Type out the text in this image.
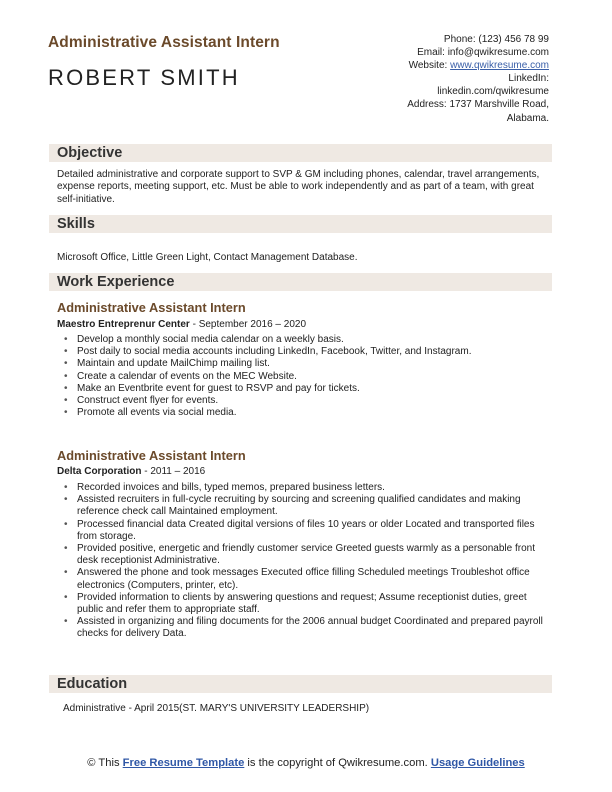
Administrative Assistant Intern
ROBERT SMITH
Phone: (123) 456 78 99
Email: info@qwikresume.com
Website: www.qwikresume.com
LinkedIn:
linkedin.com/qwikresume
Address: 1737 Marshville Road,
Alabama.
Objective
Detailed administrative and corporate support to SVP & GM including phones, calendar, travel arrangements, expense reports, meeting support, etc. Must be able to work independently and as part of a team, with great self-initiative.
Skills
Microsoft Office, Little Green Light, Contact Management Database.
Work Experience
Administrative Assistant Intern
Maestro Entreprenur Center - September 2016 – 2020
• Develop a monthly social media calendar on a weekly basis.
• Post daily to social media accounts including LinkedIn, Facebook, Twitter, and Instagram.
• Maintain and update MailChimp mailing list.
• Create a calendar of events on the MEC Website.
• Make an Eventbrite event for guest to RSVP and pay for tickets.
• Construct event flyer for events.
• Promote all events via social media.
Administrative Assistant Intern
Delta Corporation - 2011 – 2016
• Recorded invoices and bills, typed memos, prepared business letters.
• Assisted recruiters in full-cycle recruiting by sourcing and screening qualified candidates and making reference check call Maintained employment.
• Processed financial data Created digital versions of files 10 years or older Located and transported files from storage.
• Provided positive, energetic and friendly customer service Greeted guests warmly as a personable front desk receptionist Administrative.
• Answered the phone and took messages Executed office filling Scheduled meetings Troubleshot office electronics (Computers, printer, etc).
• Provided information to clients by answering questions and request; Assume receptionist duties, greet public and refer them to appropriate staff.
• Assisted in organizing and filing documents for the 2006 annual budget Coordinated and prepared payroll checks for delivery Data.
Education
Administrative - April 2015(ST. MARY'S UNIVERSITY LEADERSHIP)
© This Free Resume Template is the copyright of Qwikresume.com. Usage Guidelines
